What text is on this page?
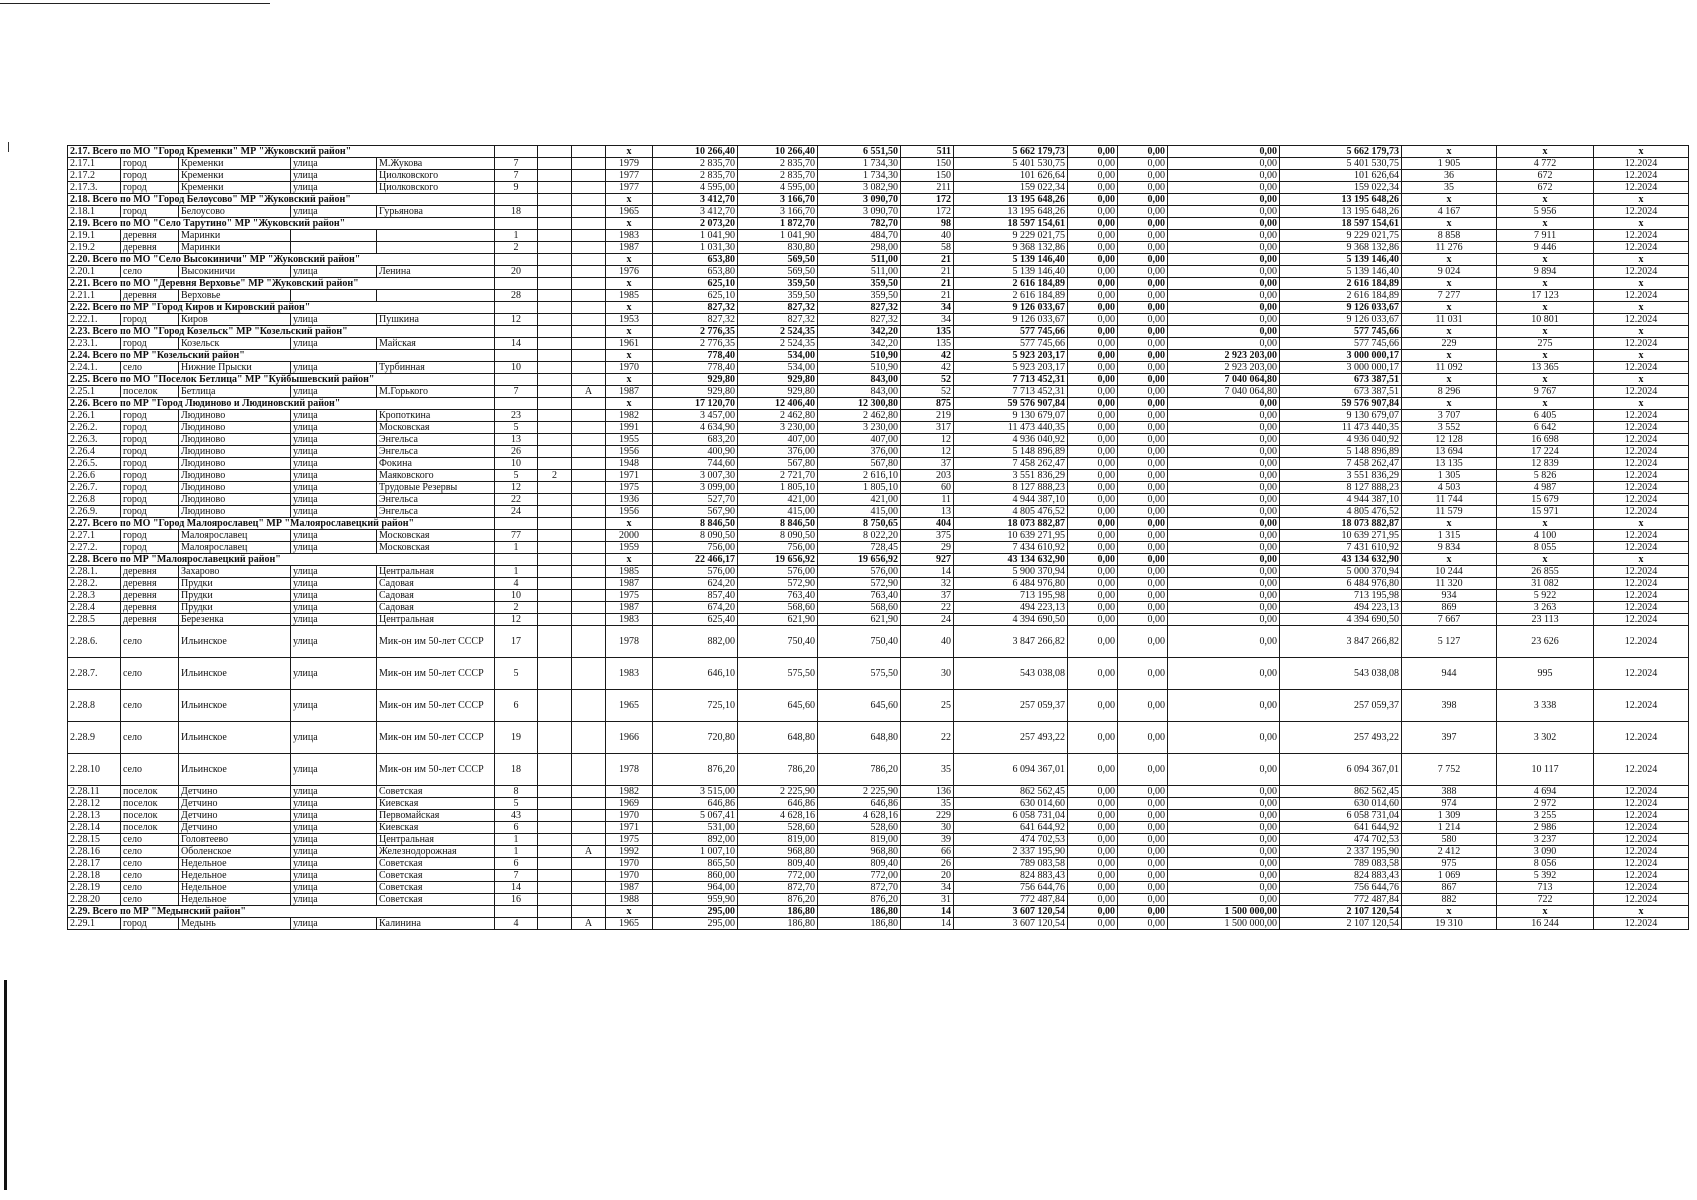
2.17. Всего по МО "Город Кременки" МР "Жуковский район"								х	10 266,40	10 266,40	6 551,50	511	5 662 179,73	0,00	0,00	0,00	5 662 179,73	х	х	х
2.17.1	город	Кременки	улица	М.Жукова	7			1979	2 835,70	2 835,70	1 734,30	150	5 401 530,75	0,00	0,00	0,00	5 401 530,75	1 905	4 772	12.2024
2.17.2	город	Кременки	улица	Циолковского	7			1977	2 835,70	2 835,70	1 734,30	150	101 626,64	0,00	0,00	0,00	101 626,64	36	672	12.2024
2.17.3.	город	Кременки	улица	Циолковского	9			1977	4 595,00	4 595,00	3 082,90	211	159 022,34	0,00	0,00	0,00	159 022,34	35	672	12.2024
2.18. Всего по МО "Город Белоусово" МР "Жуковский район"								х	3 412,70	3 166,70	3 090,70	172	13 195 648,26	0,00	0,00	0,00	13 195 648,26	х	х	х
2.18.1	город	Белоусово	улица	Гурьянова	18			1965	3 412,70	3 166,70	3 090,70	172	13 195 648,26	0,00	0,00	0,00	13 195 648,26	4 167	5 956	12.2024
2.19. Всего по МО "Село Тарутино" МР "Жуковский район"								х	2 073,20	1 872,70	782,70	98	18 597 154,61	0,00	0,00	0,00	18 597 154,61	х	х	х
2.19.1	деревня	Маринки			1			1983	1 041,90	1 041,90	484,70	40	9 229 021,75	0,00	0,00	0,00	9 229 021,75	8 858	7 911	12.2024
2.19.2	деревня	Маринки			2			1987	1 031,30	830,80	298,00	58	9 368 132,86	0,00	0,00	0,00	9 368 132,86	11 276	9 446	12.2024
2.20. Всего по МО "Село Высокиничи" МР "Жуковский район"								х	653,80	569,50	511,00	21	5 139 146,40	0,00	0,00	0,00	5 139 146,40	х	х	х
2.20.1	село	Высокиничи	улица	Ленина	20			1976	653,80	569,50	511,00	21	5 139 146,40	0,00	0,00	0,00	5 139 146,40	9 024	9 894	12.2024
2.21. Всего по МО "Деревня Верховье" МР "Жуковский район"								х	625,10	359,50	359,50	21	2 616 184,89	0,00	0,00	0,00	2 616 184,89	х	х	х
2.21.1	деревня	Верховье			28			1985	625,10	359,50	359,50	21	2 616 184,89	0,00	0,00	0,00	2 616 184,89	7 277	17 123	12.2024
2.22. Всего по МР "Город Киров и Кировский район"								х	827,32	827,32	827,32	34	9 126 033,67	0,00	0,00	0,00	9 126 033,67	х	х	х
2.22.1.	город	Киров	улица	Пушкина	12			1953	827,32	827,32	827,32	34	9 126 033,67	0,00	0,00	0,00	9 126 033,67	11 031	10 801	12.2024
2.23. Всего по МО "Город Козельск" МР "Козельский район"								х	2 776,35	2 524,35	342,20	135	577 745,66	0,00	0,00	0,00	577 745,66	х	х	х
2.23.1.	город	Козельск	улица	Майская	14			1961	2 776,35	2 524,35	342,20	135	577 745,66	0,00	0,00	0,00	577 745,66	229	275	12.2024
2.24. Всего по МР "Козельский район"								х	778,40	534,00	510,90	42	5 923 203,17	0,00	0,00	2 923 203,00	3 000 000,17	х	х	х
2.24.1.	село	Нижние Прыски	улица	Турбинная	10			1970	778,40	534,00	510,90	42	5 923 203,17	0,00	0,00	2 923 203,00	3 000 000,17	11 092	13 365	12.2024
2.25. Всего по МО "Поселок Бетлица" МР "Куйбышевский район"								х	929,80	929,80	843,00	52	7 713 452,31	0,00	0,00	7 040 064,80	673 387,51	х	х	х
2.25.1	поселок	Бетлица	улица	М.Горького	7		А	1987	929,80	929,80	843,00	52	7 713 452,31	0,00	0,00	7 040 064,80	673 387,51	8 296	9 767	12.2024
2.26. Всего по МР "Город Людиново и Людиновский район"								х	17 120,70	12 406,40	12 300,80	875	59 576 907,84	0,00	0,00	0,00	59 576 907,84	х	х	х
2.26.1	город	Людиново	улица	Кропоткина	23			1982	3 457,00	2 462,80	2 462,80	219	9 130 679,07	0,00	0,00	0,00	9 130 679,07	3 707	6 405	12.2024
2.26.2.	город	Людиново	улица	Московская	5			1991	4 634,90	3 230,00	3 230,00	317	11 473 440,35	0,00	0,00	0,00	11 473 440,35	3 552	6 642	12.2024
2.26.3.	город	Людиново	улица	Энгельса	13			1955	683,20	407,00	407,00	12	4 936 040,92	0,00	0,00	0,00	4 936 040,92	12 128	16 698	12.2024
2.26.4	город	Людиново	улица	Энгельса	26			1956	400,90	376,00	376,00	12	5 148 896,89	0,00	0,00	0,00	5 148 896,89	13 694	17 224	12.2024
2.26.5.	город	Людиново	улица	Фокина	10			1948	744,60	567,80	567,80	37	7 458 262,47	0,00	0,00	0,00	7 458 262,47	13 135	12 839	12.2024
2.26.6	город	Людиново	улица	Маяковского	5	2		1971	3 007,30	2 721,70	2 616,10	203	3 551 836,29	0,00	0,00	0,00	3 551 836,29	1 305	5 826	12.2024
2.26.7.	город	Людиново	улица	Трудовые Резервы	12			1975	3 099,00	1 805,10	1 805,10	60	8 127 888,23	0,00	0,00	0,00	8 127 888,23	4 503	4 987	12.2024
2.26.8	город	Людиново	улица	Энгельса	22			1936	527,70	421,00	421,00	11	4 944 387,10	0,00	0,00	0,00	4 944 387,10	11 744	15 679	12.2024
2.26.9.	город	Людиново	улица	Энгельса	24			1956	567,90	415,00	415,00	13	4 805 476,52	0,00	0,00	0,00	4 805 476,52	11 579	15 971	12.2024
2.27. Всего по МО "Город Малоярославец" МР "Малоярославецкий район"								х	8 846,50	8 846,50	8 750,65	404	18 073 882,87	0,00	0,00	0,00	18 073 882,87	х	х	х
2.27.1	город	Малоярославец	улица	Московская	77			2000	8 090,50	8 090,50	8 022,20	375	10 639 271,95	0,00	0,00	0,00	10 639 271,95	1 315	4 100	12.2024
2.27.2.	город	Малоярославец	улица	Московская	1			1959	756,00	756,00	728,45	29	7 434 610,92	0,00	0,00	0,00	7 431 610,92	9 834	8 055	12.2024
2.28. Всего по МР "Малоярославецкий район"								х	22 466,17	19 656,92	19 656,92	927	43 134 632,90	0,00	0,00	0,00	43 134 632,90	х	х	х
2.28.1.	деревня	Захарово	улица	Центральная	1			1985	576,00	576,00	576,00	14	5 900 370,94	0,00	0,00	0,00	5 000 370,94	10 244	26 855	12.2024
2.28.2.	деревня	Прудки	улица	Садовая	4			1987	624,20	572,90	572,90	32	6 484 976,80	0,00	0,00	0,00	6 484 976,80	11 320	31 082	12.2024
2.28.3	деревня	Прудки	улица	Садовая	10			1975	857,40	763,40	763,40	37	713 195,98	0,00	0,00	0,00	713 195,98	934	5 922	12.2024
2.28.4	деревня	Прудки	улица	Садовая	2			1987	674,20	568,60	568,60	22	494 223,13	0,00	0,00	0,00	494 223,13	869	3 263	12.2024
2.28.5	деревня	Березенка	улица	Центральная	12			1983	625,40	621,90	621,90	24	4 394 690,50	0,00	0,00	0,00	4 394 690,50	7 667	23 113	12.2024
2.28.6.	село	Ильинское	улица	Мик-он им 50-лет СССР	17			1978	882,00	750,40	750,40	40	3 847 266,82	0,00	0,00	0,00	3 847 266,82	5 127	23 626	12.2024
2.28.7.	село	Ильинское	улица	Мик-он им 50-лет СССР	5			1983	646,10	575,50	575,50	30	543 038,08	0,00	0,00	0,00	543 038,08	944	995	12.2024
2.28.8	село	Ильинское	улица	Мик-он им 50-лет СССР	6			1965	725,10	645,60	645,60	25	257 059,37	0,00	0,00	0,00	257 059,37	398	3 338	12.2024
2.28.9	село	Ильинское	улица	Мик-он им 50-лет СССР	19			1966	720,80	648,80	648,80	22	257 493,22	0,00	0,00	0,00	257 493,22	397	3 302	12.2024
2.28.10	село	Ильинское	улица	Мик-он им 50-лет СССР	18			1978	876,20	786,20	786,20	35	6 094 367,01	0,00	0,00	0,00	6 094 367,01	7 752	10 117	12.2024
2.28.11	поселок	Детчино	улица	Советская	8			1982	3 515,00	2 225,90	2 225,90	136	862 562,45	0,00	0,00	0,00	862 562,45	388	4 694	12.2024
2.28.12	поселок	Детчино	улица	Киевская	5			1969	646,86	646,86	646,86	35	630 014,60	0,00	0,00	0,00	630 014,60	974	2 972	12.2024
2.28.13	поселок	Детчино	улица	Первомайская	43			1970	5 067,41	4 628,16	4 628,16	229	6 058 731,04	0,00	0,00	0,00	6 058 731,04	1 309	3 255	12.2024
2.28.14	поселок	Детчино	улица	Киевская	6			1971	531,00	528,60	528,60	30	641 644,92	0,00	0,00	0,00	641 644,92	1 214	2 986	12.2024
2.28.15	село	Головтеево	улица	Центральная	1			1975	892,00	819,00	819,00	39	474 702,53	0,00	0,00	0,00	474 702,53	580	3 237	12.2024
2.28.16	село	Оболенское	улица	Железнодорожная	1		А	1992	1 007,10	968,80	968,80	66	2 337 195,90	0,00	0,00	0,00	2 337 195,90	2 412	3 090	12.2024
2.28.17	село	Недельное	улица	Советская	6			1970	865,50	809,40	809,40	26	789 083,58	0,00	0,00	0,00	789 083,58	975	8 056	12.2024
2.28.18	село	Недельное	улица	Советская	7			1970	860,00	772,00	772,00	20	824 883,43	0,00	0,00	0,00	824 883,43	1 069	5 392	12.2024
2.28.19	село	Недельное	улица	Советская	14			1987	964,00	872,70	872,70	34	756 644,76	0,00	0,00	0,00	756 644,76	867	713	12.2024
2.28.20	село	Недельное	улица	Советская	16			1988	959,90	876,20	876,20	31	772 487,84	0,00	0,00	0,00	772 487,84	882	722	12.2024
2.29. Всего по МР "Медынский район"								х	295,00	186,80	186,80	14	3 607 120,54	0,00	0,00	1 500 000,00	2 107 120,54	х	х	х
2.29.1	город	Медынь	улица	Калинина	4		А	1965	295,00	186,80	186,80	14	3 607 120,54	0,00	0,00	1 500 000,00	2 107 120,54	19 310	16 244	12.2024
